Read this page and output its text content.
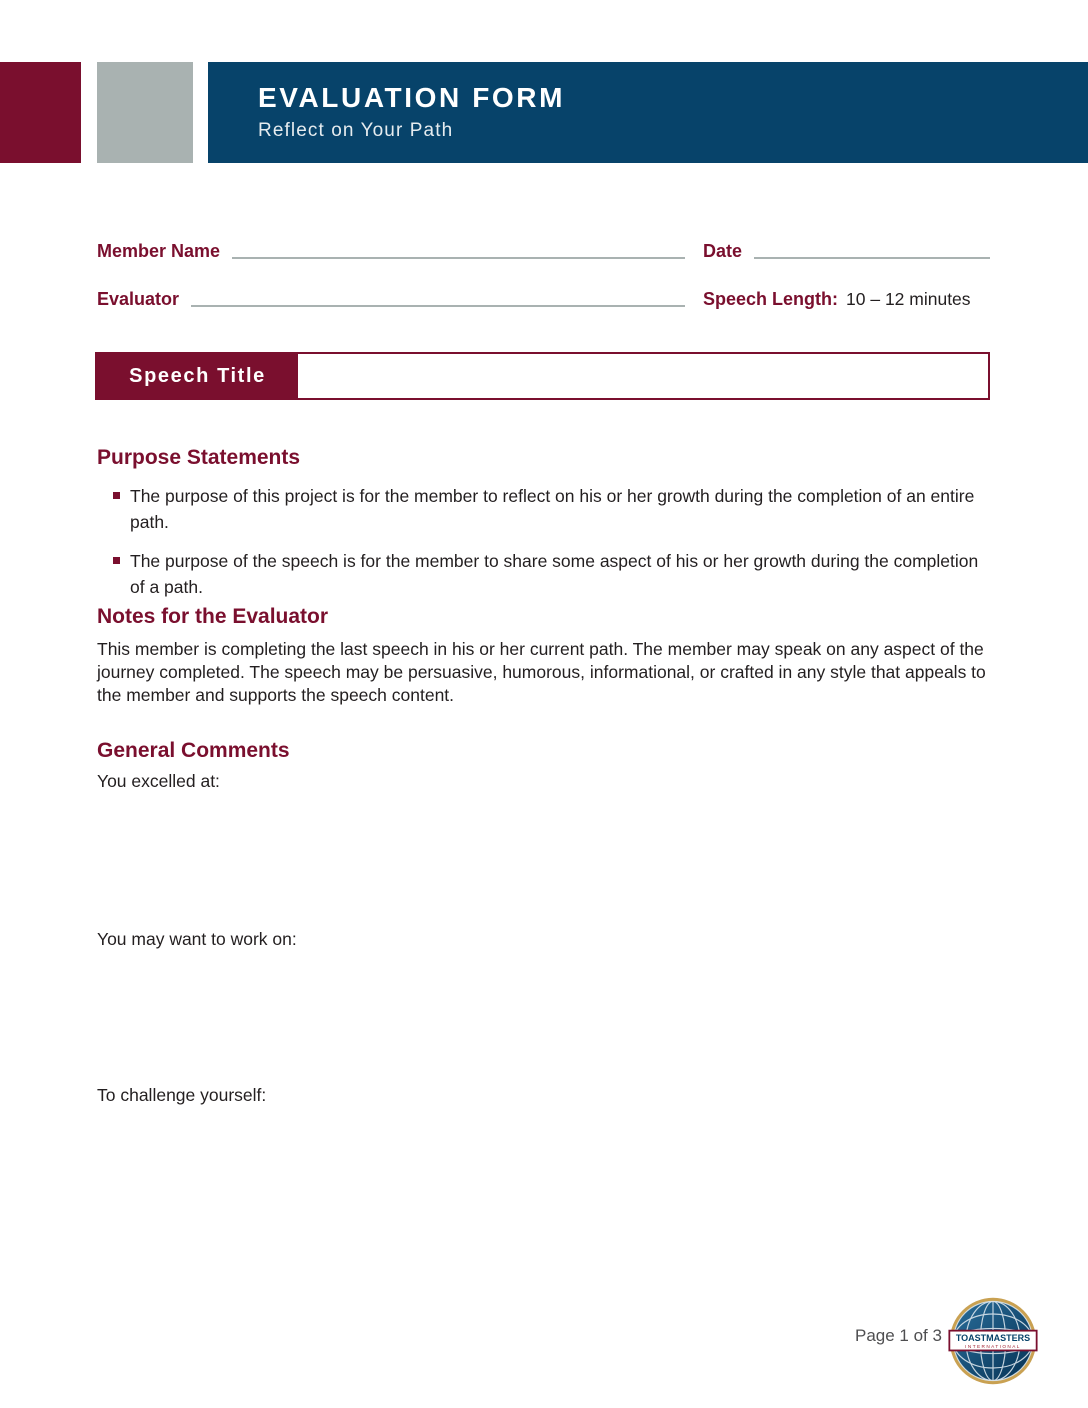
EVALUATION FORM
Reflect on Your Path
Member Name	Date
Evaluator	Speech Length: 10 – 12 minutes
Speech Title
Purpose Statements
The purpose of this project is for the member to reflect on his or her growth during the completion of an entire path.
The purpose of the speech is for the member to share some aspect of his or her growth during the completion of a path.
Notes for the Evaluator

This member is completing the last speech in his or her current path. The member may speak on any aspect of the journey completed. The speech may be persuasive, humorous, informational, or crafted in any style that appeals to the member and supports the speech content.

General Comments
You excelled at:
You may want to work on:
To challenge yourself:
Page 1 of 3 TOASTMASTERS
INTERNATIONAL
